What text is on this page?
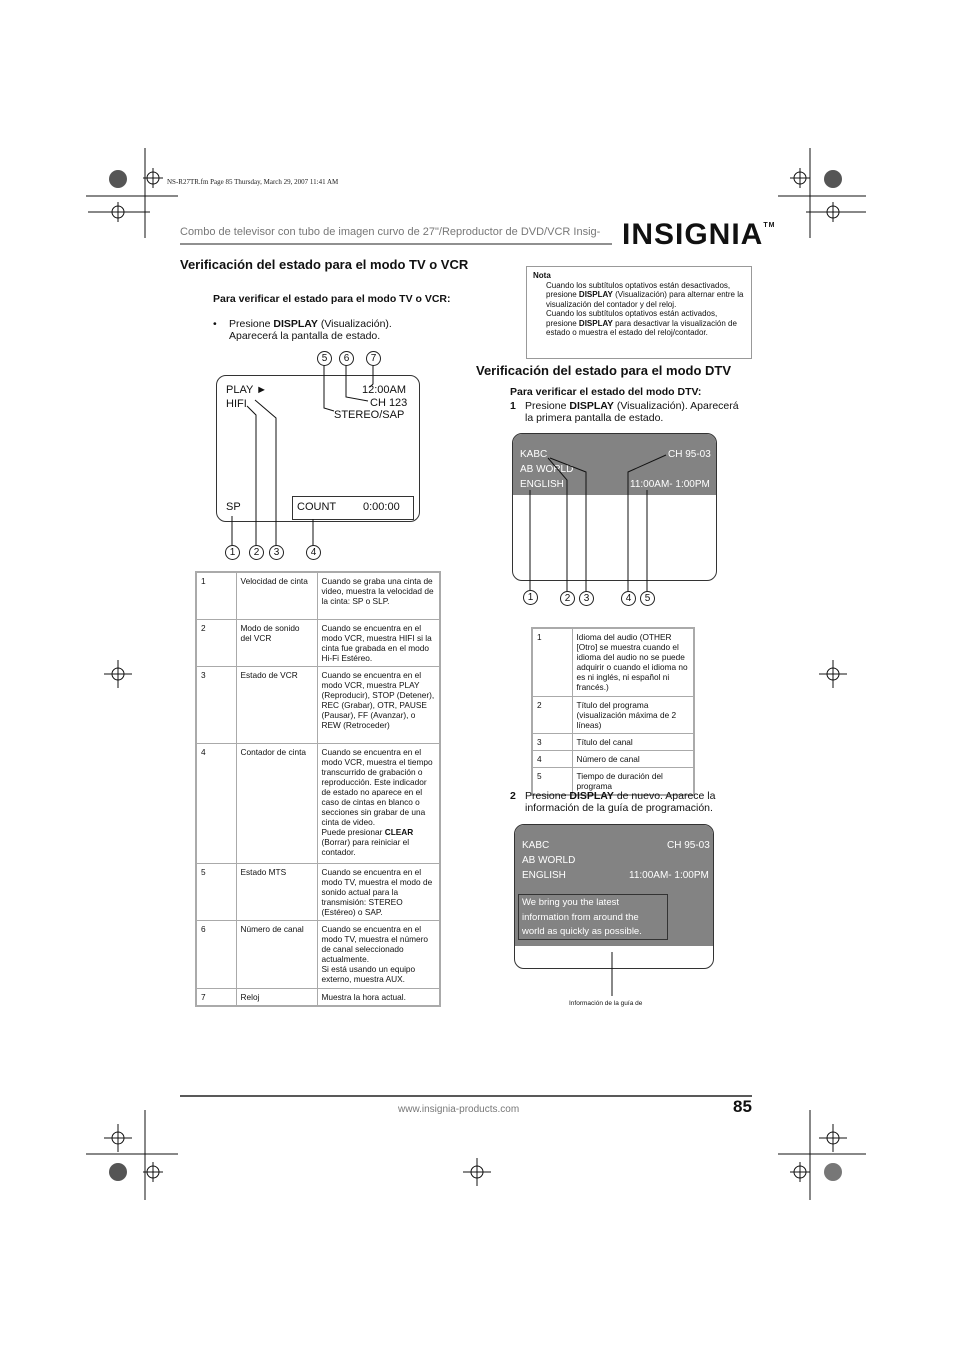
NS-R27TR.fm Page 85 Thursday, March 29, 2007 11:41 AM
Combo de televisor con tubo de imagen curvo de 27"/Reproductor de DVD/VCR Insig- INSIGNIA™
Verificación del estado para el modo TV o VCR
Para verificar el estado para el modo TV o VCR:
• Presione DISPLAY (Visualización). Aparecerá la pantalla de estado.
PLAY ►
HIFI
12:00AM
CH 123
STEREO/SAP
SP	COUNT 0:00:00
5	6	7
1	2	3	4
1	Velocidad de cinta	Cuando se graba una cinta de video, muestra la velocidad de la cinta: SP o SLP.
2	Modo de sonido del VCR	Cuando se encuentra en el modo VCR, muestra HIFI si la cinta fue grabada en el modo Hi-Fi Estéreo.
3	Estado de VCR	Cuando se encuentra en el modo VCR, muestra PLAY (Reproducir), STOP (Detener), REC (Grabar), OTR, PAUSE (Pausar), FF (Avanzar), o REW (Retroceder)
4	Contador de cinta	Cuando se encuentra en el modo VCR, muestra el tiempo transcurrido de grabación o reproducción. Este indicador de estado no aparece en el caso de cintas en blanco o secciones sin grabar de una cinta de video.
Puede presionar CLEAR (Borrar) para reiniciar el contador.
5	Estado MTS	Cuando se encuentra en el modo TV, muestra el modo de sonido actual para la transmisión: STEREO (Estéreo) o SAP.
6	Número de canal	Cuando se encuentra en el modo TV, muestra el número de canal seleccionado actualmente.
Si está usando un equipo externo, muestra AUX.
7	Reloj	Muestra la hora actual.
Nota
Cuando los subtítulos optativos están desactivados, presione DISPLAY (Visualización) para alternar entre la visualización del contador y del reloj.
Cuando los subtítulos optativos están activados, presione DISPLAY para desactivar la visualización de estado o muestra el estado del reloj/contador.
Verificación del estado para el modo DTV
Para verificar el estado del modo DTV:
1 Presione DISPLAY (Visualización). Aparecerá la primera pantalla de estado.
KABC
AB WORLD
ENGLISH
CH 95-03
11:00AM- 1:00PM
1	2	3	4	5
1	Idioma del audio (OTHER [Otro] se muestra cuando el idioma del audio no se puede adquirir o cuando el idioma no es ni inglés, ni español ni francés.)
2	Título del programa (visualización máxima de 2 líneas)
3	Título del canal
4	Número de canal
5	Tiempo de duración del programa
2 Presione DISPLAY de nuevo. Aparece la información de la guía de programación.
KABC
AB WORLD
ENGLISH
CH 95-03
11:00AM- 1:00PM
We bring you the latest information from around the world as quickly as possible.
Información de la guía de
www.insignia-products.com	85
